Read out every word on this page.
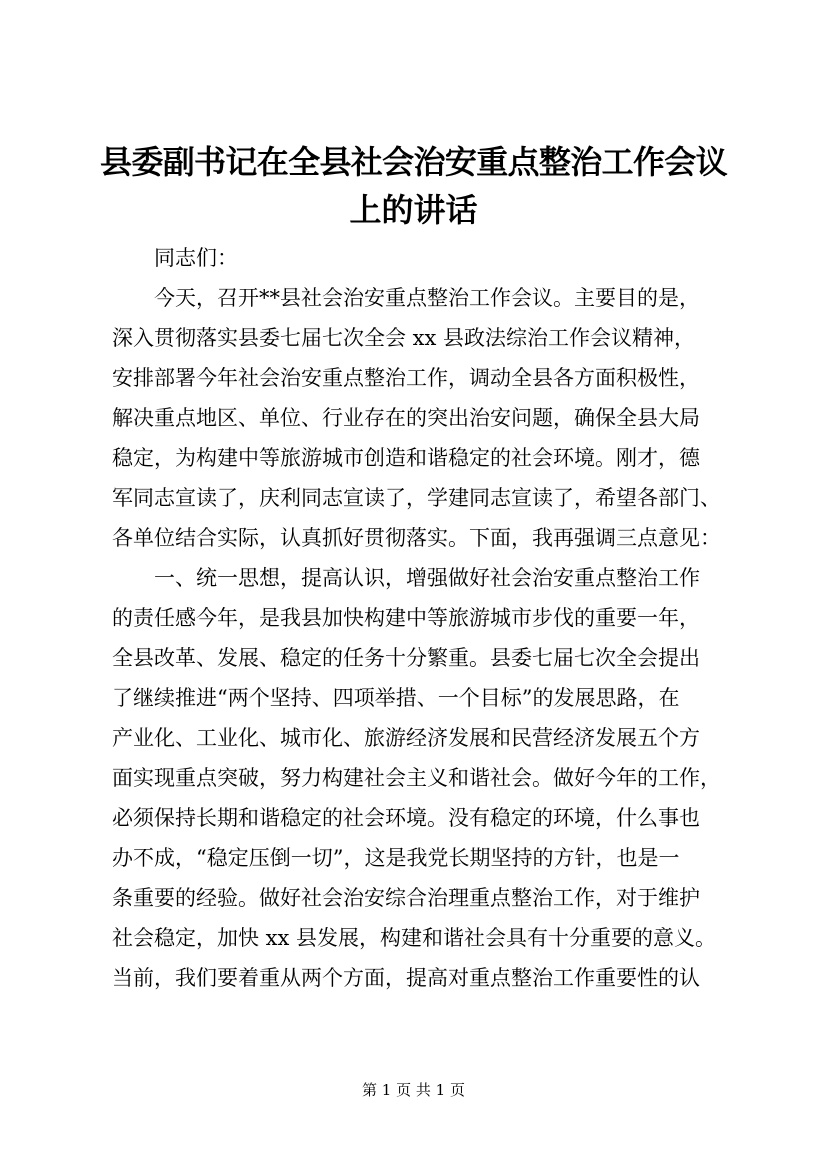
县委副书记在全县社会治安重点整治工作会议
上的讲话
同志们：
今天，召开**县社会治安重点整治工作会议。主要目的是，
深入贯彻落实县委七届七次全会 xx 县政法综治工作会议精神，
安排部署今年社会治安重点整治工作，调动全县各方面积极性，
解决重点地区、单位、行业存在的突出治安问题，确保全县大局
稳定，为构建中等旅游城市创造和谐稳定的社会环境。刚才，德
军同志宣读了，庆利同志宣读了，学建同志宣读了，希望各部门、
各单位结合实际，认真抓好贯彻落实。下面，我再强调三点意见：
一、统一思想，提高认识，增强做好社会治安重点整治工作
的责任感今年，是我县加快构建中等旅游城市步伐的重要一年，
全县改革、发展、稳定的任务十分繁重。县委七届七次全会提出
了继续推进“两个坚持、四项举措、一个目标”的发展思路，在
产业化、工业化、城市化、旅游经济发展和民营经济发展五个方
面实现重点突破，努力构建社会主义和谐社会。做好今年的工作，
必须保持长期和谐稳定的社会环境。没有稳定的环境，什么事也
办不成，“稳定压倒一切”，这是我党长期坚持的方针，也是一
条重要的经验。做好社会治安综合治理重点整治工作，对于维护
社会稳定，加快 xx 县发展，构建和谐社会具有十分重要的意义。
当前，我们要着重从两个方面，提高对重点整治工作重要性的认
第 1 页 共 1 页
